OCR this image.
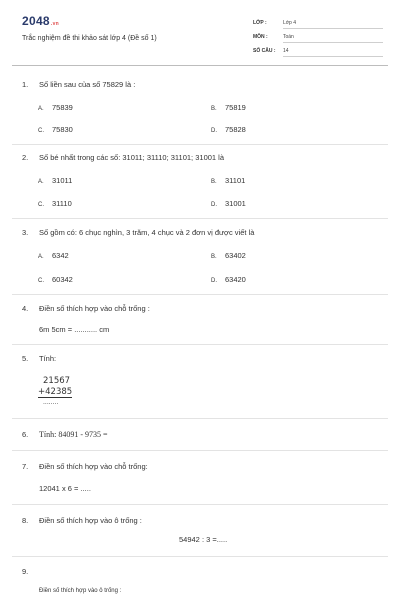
2048.vn
Trắc nghiệm đề thi khảo sát lớp 4 (Đề số 1)
LỚP :	Lớp 4
MÔN :	Toán
SỐ CÂU :	14
1. Số liền sau của số 75829 là :
A. 75839	B. 75819
C. 75830	D. 75828
2. Số bé nhất trong các số: 31011; 31110; 31101; 31001 là
A. 31011	B. 31101
C. 31110	D. 31001
3. Số gồm có: 6 chục nghìn, 3 trăm, 4 chục và 2 đơn vị được viết là
A. 6342	B. 63402
C. 60342	D. 63420
4. Điền số thích hợp vào chỗ trống :
6m 5cm = ........... cm
5. Tính:
21567
+42385
........
6. Tính: 84091 - 9735 =
7. Điền số thích hợp vào chỗ trống:
12041 x 6 = .....
8. Điền số thích hợp vào ô trống :
54942 : 3 =.....
9.
Điền số thích hợp vào ô trống :
